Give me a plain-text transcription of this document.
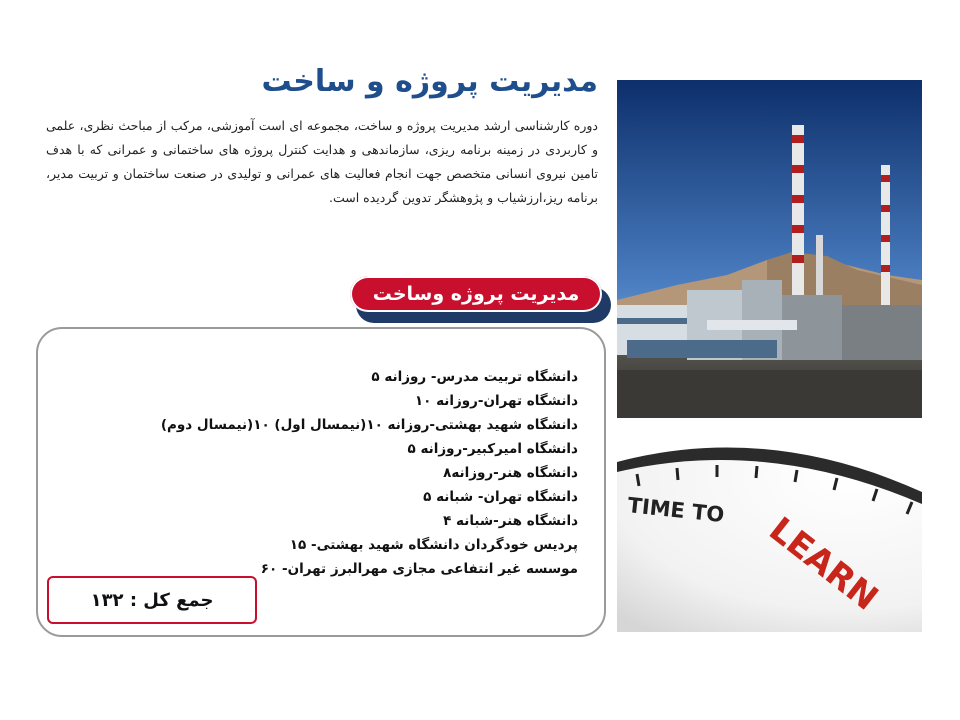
مدیریت پروژه و ساخت
دوره کارشناسی ارشد مدیریت پروژه و ساخت، مجموعه ای است آموزشی، مرکب از مباحث نظری، علمی و کاربردی در زمینه برنامه ریزی، سازماندهی و هدایت کنترل پروژه های ساختمانی و عمرانی که با هدف تامین نیروی انسانی متخصص جهت انجام فعالیت های عمرانی و تولیدی در صنعت ساختمان و تربیت مدیر، برنامه ریز،ارزشیاب و پژوهشگر تدوین گردیده است.
مدیریت پروژه وساخت
دانشگاه تربیت مدرس- روزانه ۵
دانشگاه تهران-روزانه ۱۰
دانشگاه شهید بهشتی-روزانه ۱۰(نیمسال اول) ۱۰(نیمسال دوم)
دانشگاه امیرکبیر-روزانه ۵
دانشگاه هنر-روزانه۸
دانشگاه تهران- شبانه ۵
دانشگاه هنر-شبانه ۴
پردیس خودگردان دانشگاه شهید بهشتی- ۱۵
موسسه غیر انتفاعی مجازی مهرالبرز تهران- ۶۰
جمع کل : ۱۳۲
TIME TO LEARN
